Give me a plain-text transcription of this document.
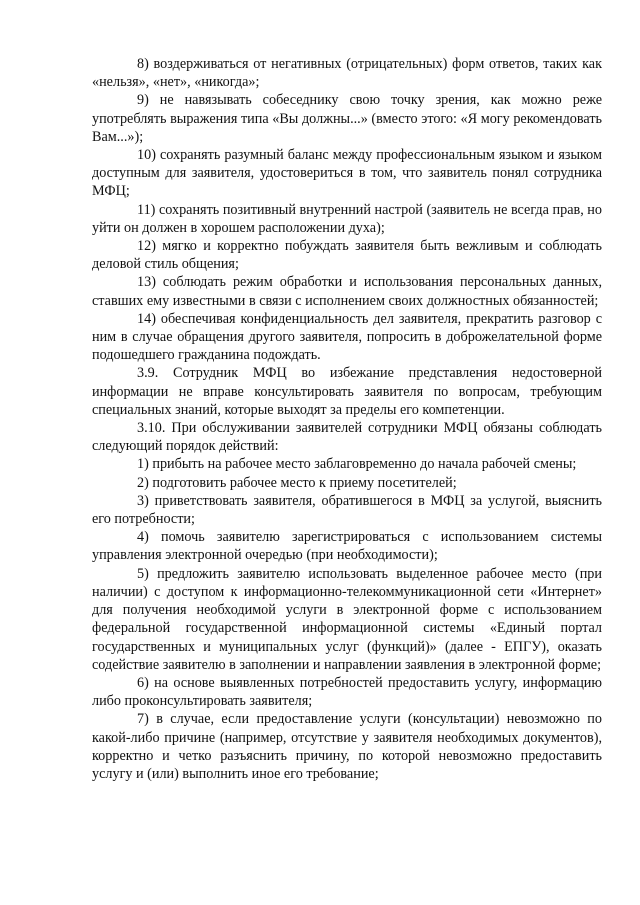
8) воздерживаться от негативных (отрицательных) форм ответов, таких как «нельзя», «нет», «никогда»;

9) не навязывать собеседнику свою точку зрения, как можно реже употреблять выражения типа «Вы должны...» (вместо этого: «Я могу рекомендовать Вам...»);

10) сохранять разумный баланс между профессиональным языком и языком доступным для заявителя, удостовериться в том, что заявитель понял сотрудника МФЦ;

11) сохранять позитивный внутренний настрой (заявитель не всегда прав, но уйти он должен в хорошем расположении духа);

12) мягко и корректно побуждать заявителя быть вежливым и соблюдать деловой стиль общения;

13) соблюдать режим обработки и использования персональных данных, ставших ему известными в связи с исполнением своих должностных обязанностей;

14) обеспечивая конфиденциальность дел заявителя, прекратить разговор с ним в случае обращения другого заявителя, попросить в доброжелательной форме подошедшего гражданина подождать.

3.9. Сотрудник МФЦ во избежание представления недостоверной информации не вправе консультировать заявителя по вопросам, требующим специальных знаний, которые выходят за пределы его компетенции.

3.10. При обслуживании заявителей сотрудники МФЦ обязаны соблюдать следующий порядок действий:

1) прибыть на рабочее место заблаговременно до начала рабочей смены;

2) подготовить рабочее место к приему посетителей;

3) приветствовать заявителя, обратившегося в МФЦ за услугой, выяснить его потребности;

4) помочь заявителю зарегистрироваться с использованием системы управления электронной очередью (при необходимости);

5) предложить заявителю использовать выделенное рабочее место (при наличии) с доступом к информационно-телекоммуникационной сети «Интернет» для получения необходимой услуги в электронной форме с использованием федеральной государственной информационной системы «Единый портал государственных и муниципальных услуг (функций)» (далее - ЕПГУ), оказать содействие заявителю в заполнении и направлении заявления в электронной форме;

6) на основе выявленных потребностей предоставить услугу, информацию либо проконсультировать заявителя;

7) в случае, если предоставление услуги (консультации) невозможно по какой-либо причине (например, отсутствие у заявителя необходимых документов), корректно и четко разъяснить причину, по которой невозможно предоставить услугу и (или) выполнить иное его требование;
